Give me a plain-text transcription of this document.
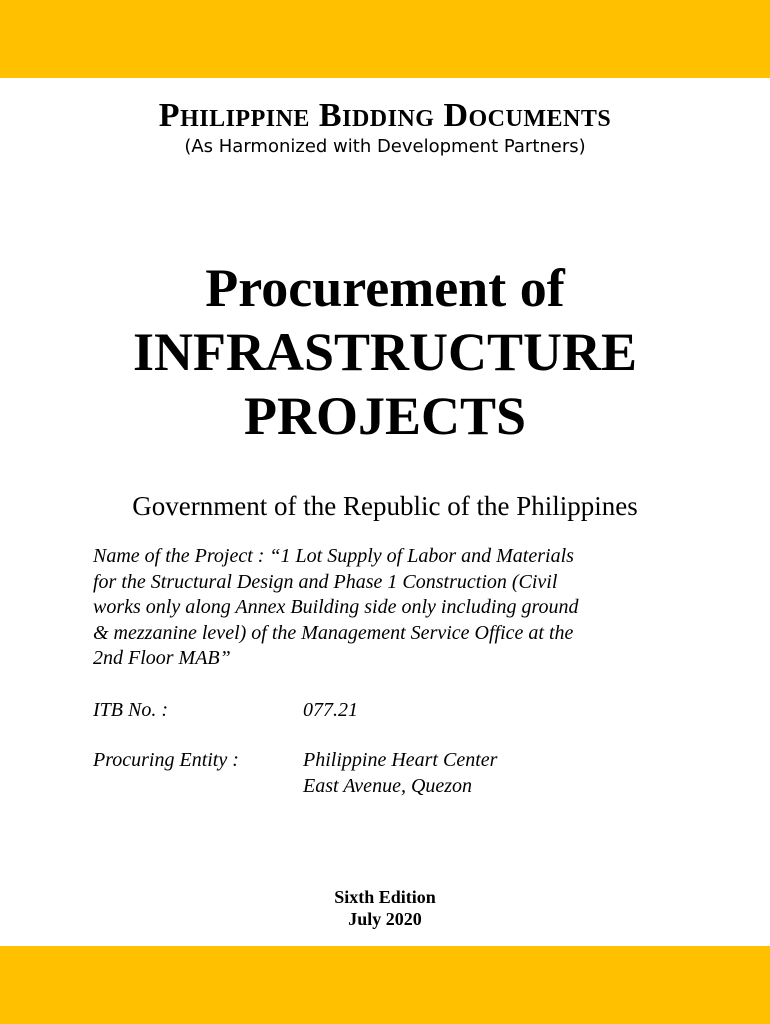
Philippine Bidding Documents
(As Harmonized with Development Partners)
Procurement of
INFRASTRUCTURE
PROJECTS
Government of the Republic of the Philippines
Name of the Project : “1 Lot Supply of Labor and Materials
for the Structural Design and Phase 1 Construction (Civil
works only along Annex Building side only including ground
& mezzanine level) of the Management Service Office at the
2nd Floor MAB”
ITB No. :	077.21
Procuring Entity :	Philippine Heart Center
East Avenue, Quezon
Sixth Edition
July 2020
